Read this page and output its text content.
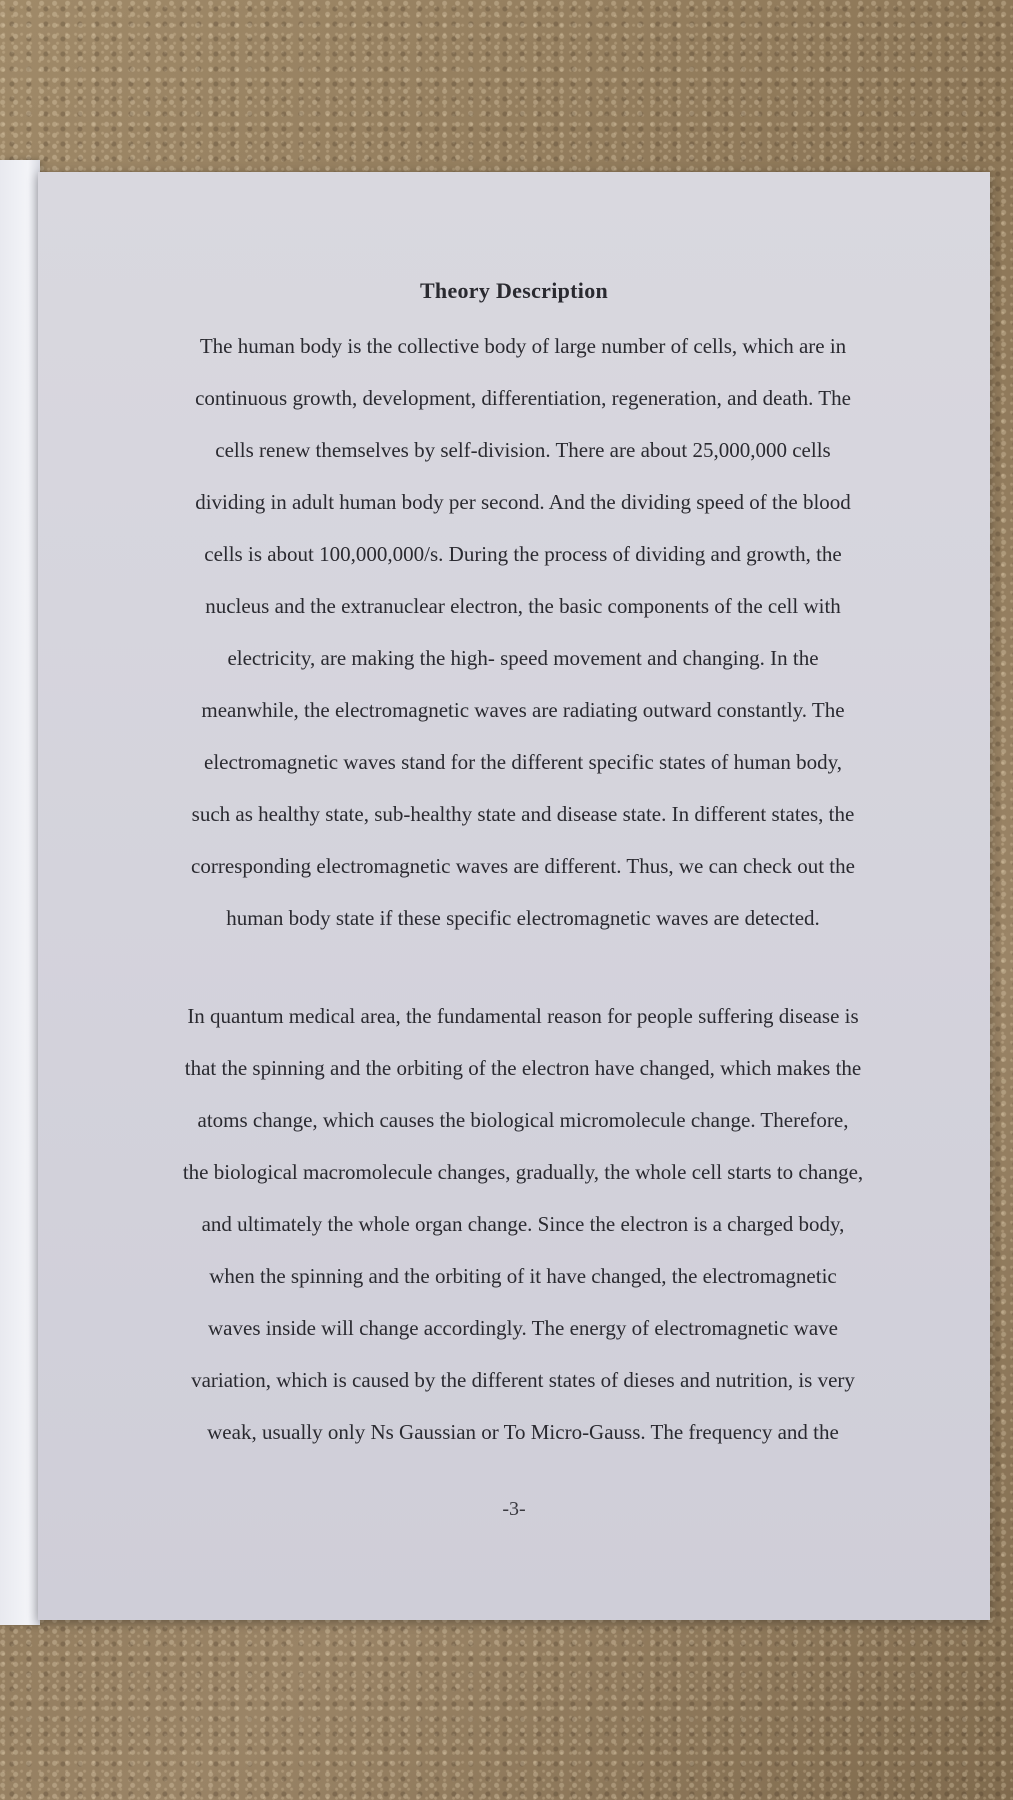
Theory Description
The human body is the collective body of large number of cells, which are in
continuous growth, development, differentiation, regeneration, and death. The
cells renew themselves by self-division. There are about 25,000,000 cells
dividing in adult human body per second. And the dividing speed of the blood
cells is about 100,000,000/s. During the process of dividing and growth, the
nucleus and the extranuclear electron, the basic components of the cell with
electricity, are making the high- speed movement and changing. In the
meanwhile, the electromagnetic waves are radiating outward constantly. The
electromagnetic waves stand for the different specific states of human body,
such as healthy state, sub-healthy state and disease state. In different states, the
corresponding electromagnetic waves are different. Thus, we can check out the
human body state if these specific electromagnetic waves are detected.
In quantum medical area, the fundamental reason for people suffering disease is
that the spinning and the orbiting of the electron have changed, which makes the
atoms change, which causes the biological micromolecule change. Therefore,
the biological macromolecule changes, gradually, the whole cell starts to change,
and ultimately the whole organ change. Since the electron is a charged body,
when the spinning and the orbiting of it have changed, the electromagnetic
waves inside will change accordingly. The energy of electromagnetic wave
variation, which is caused by the different states of dieses and nutrition, is very
weak, usually only Ns Gaussian or To Micro-Gauss. The frequency and the
-3-
